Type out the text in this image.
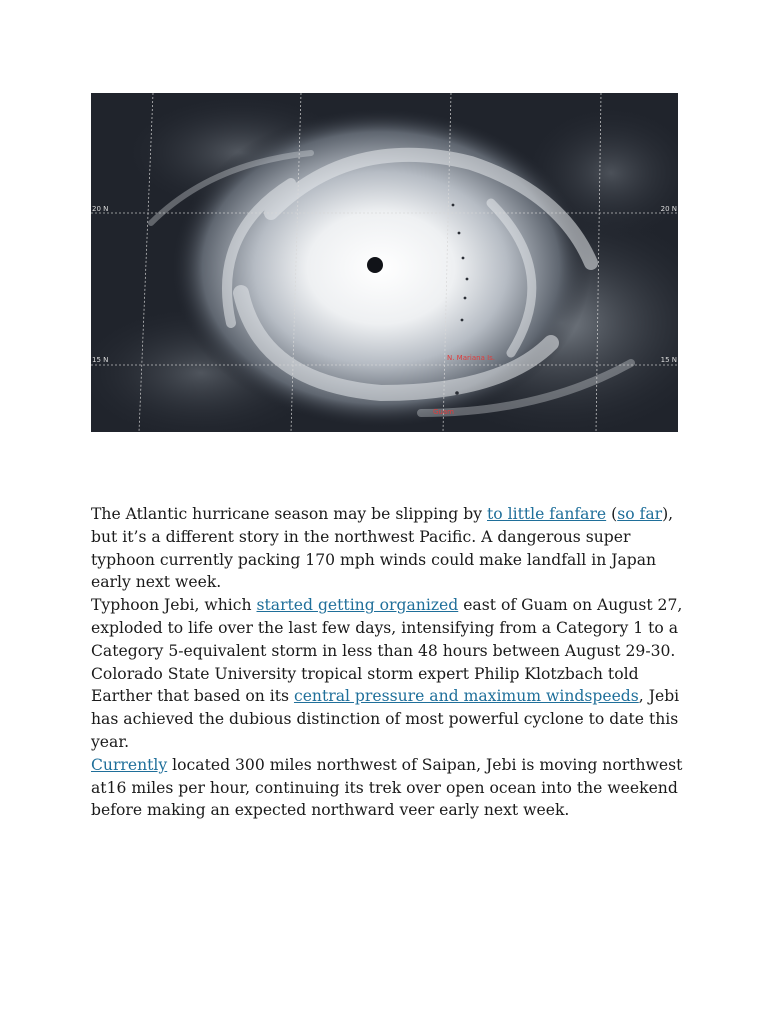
20 N	20 N
15 N	15 N
N. Mariana Is.
Guam

The Atlantic hurricane season may be slipping by to little fanfare (so far), but it’s a different story in the northwest Pacific. A dangerous super typhoon currently packing 170 mph winds could make landfall in Japan early next week.

Typhoon Jebi, which started getting organized east of Guam on August 27, exploded to life over the last few days, intensifying from a Category 1 to a Category 5-equivalent storm in less than 48 hours between August 29-30. Colorado State University tropical storm expert Philip Klotzbach told Earther that based on its central pressure and maximum windspeeds, Jebi has achieved the dubious distinction of most powerful cyclone to date this year.

Currently located 300 miles northwest of Saipan, Jebi is moving northwest at16 miles per hour, continuing its trek over open ocean into the weekend before making an expected northward veer early next week.
